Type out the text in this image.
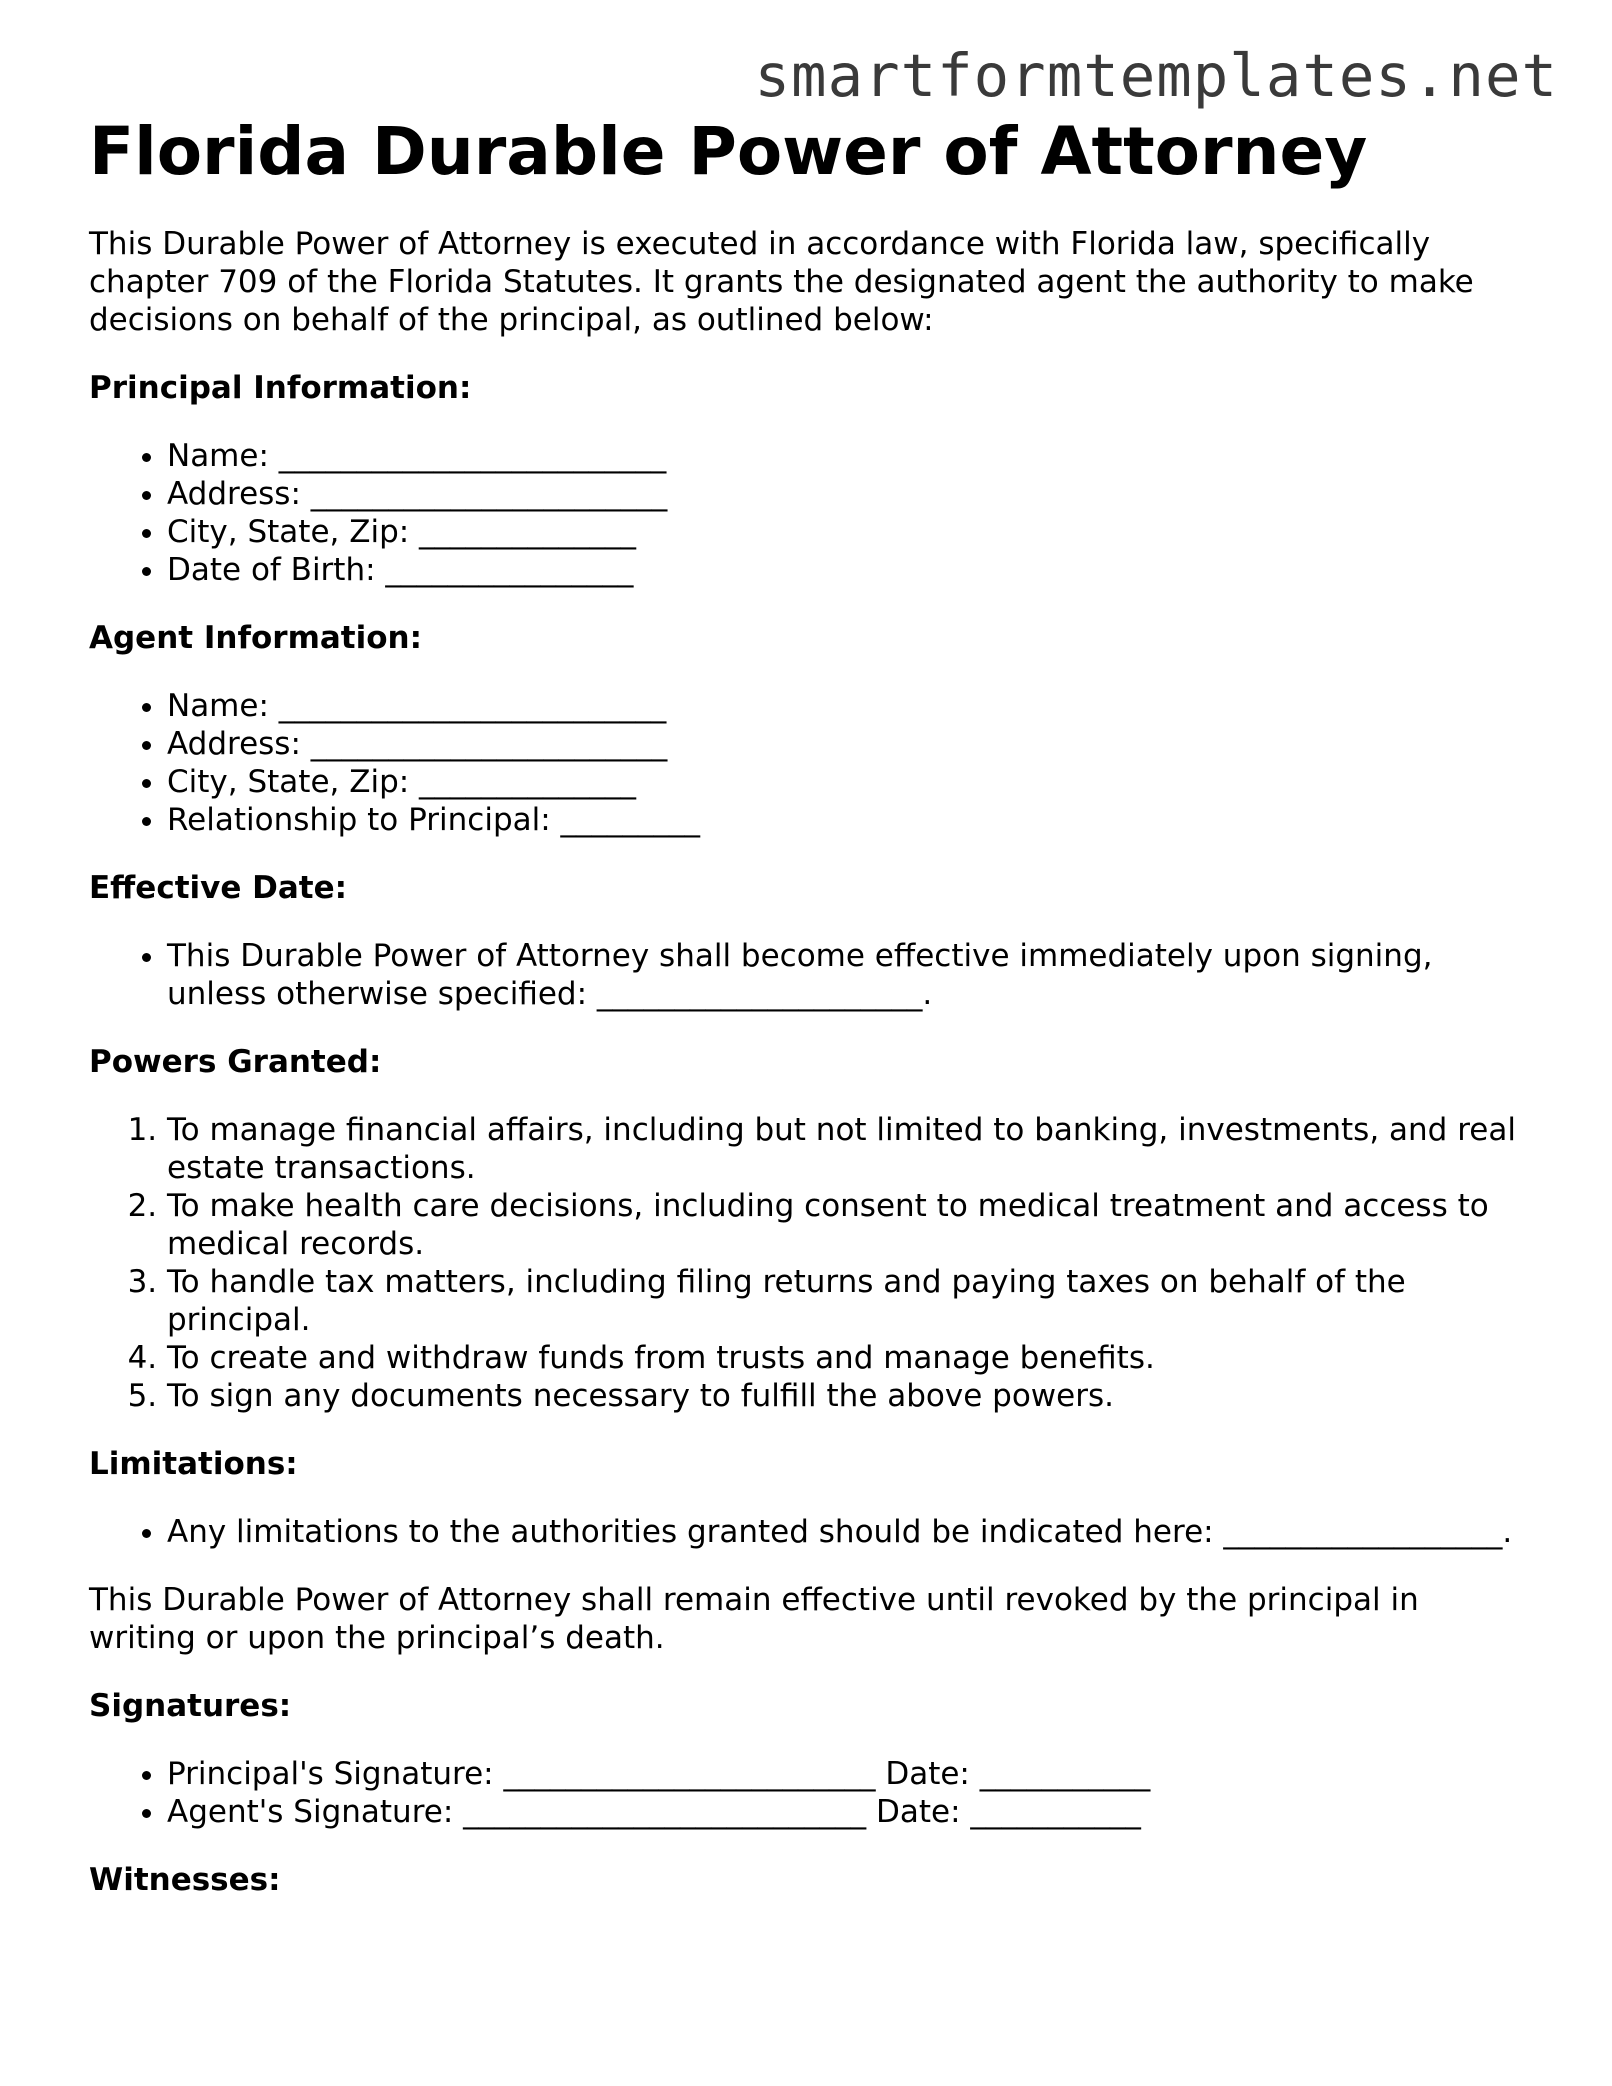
smartformtemplates.net
Florida Durable Power of Attorney

This Durable Power of Attorney is executed in accordance with Florida law, specifically chapter 709 of the Florida Statutes. It grants the designated agent the authority to make decisions on behalf of the principal, as outlined below:

Principal Information:
• Name: _________________________
• Address: _______________________
• City, State, Zip: ______________
• Date of Birth: ________________
Agent Information:
• Name: _________________________
• Address: _______________________
• City, State, Zip: ______________
• Relationship to Principal: _________
Effective Date:
• This Durable Power of Attorney shall become effective immediately upon signing, unless otherwise specified: _____________________.
Powers Granted:
1. To manage financial affairs, including but not limited to banking, investments, and real estate transactions.
2. To make health care decisions, including consent to medical treatment and access to medical records.
3. To handle tax matters, including filing returns and paying taxes on behalf of the principal.
4. To create and withdraw funds from trusts and manage benefits.
5. To sign any documents necessary to fulfill the above powers.
Limitations:
• Any limitations to the authorities granted should be indicated here: __________________.

This Durable Power of Attorney shall remain effective until revoked by the principal in writing or upon the principal’s death.

Signatures:
• Principal's Signature: ________________________ Date: ___________
• Agent's Signature: __________________________ Date: ___________
Witnesses:
